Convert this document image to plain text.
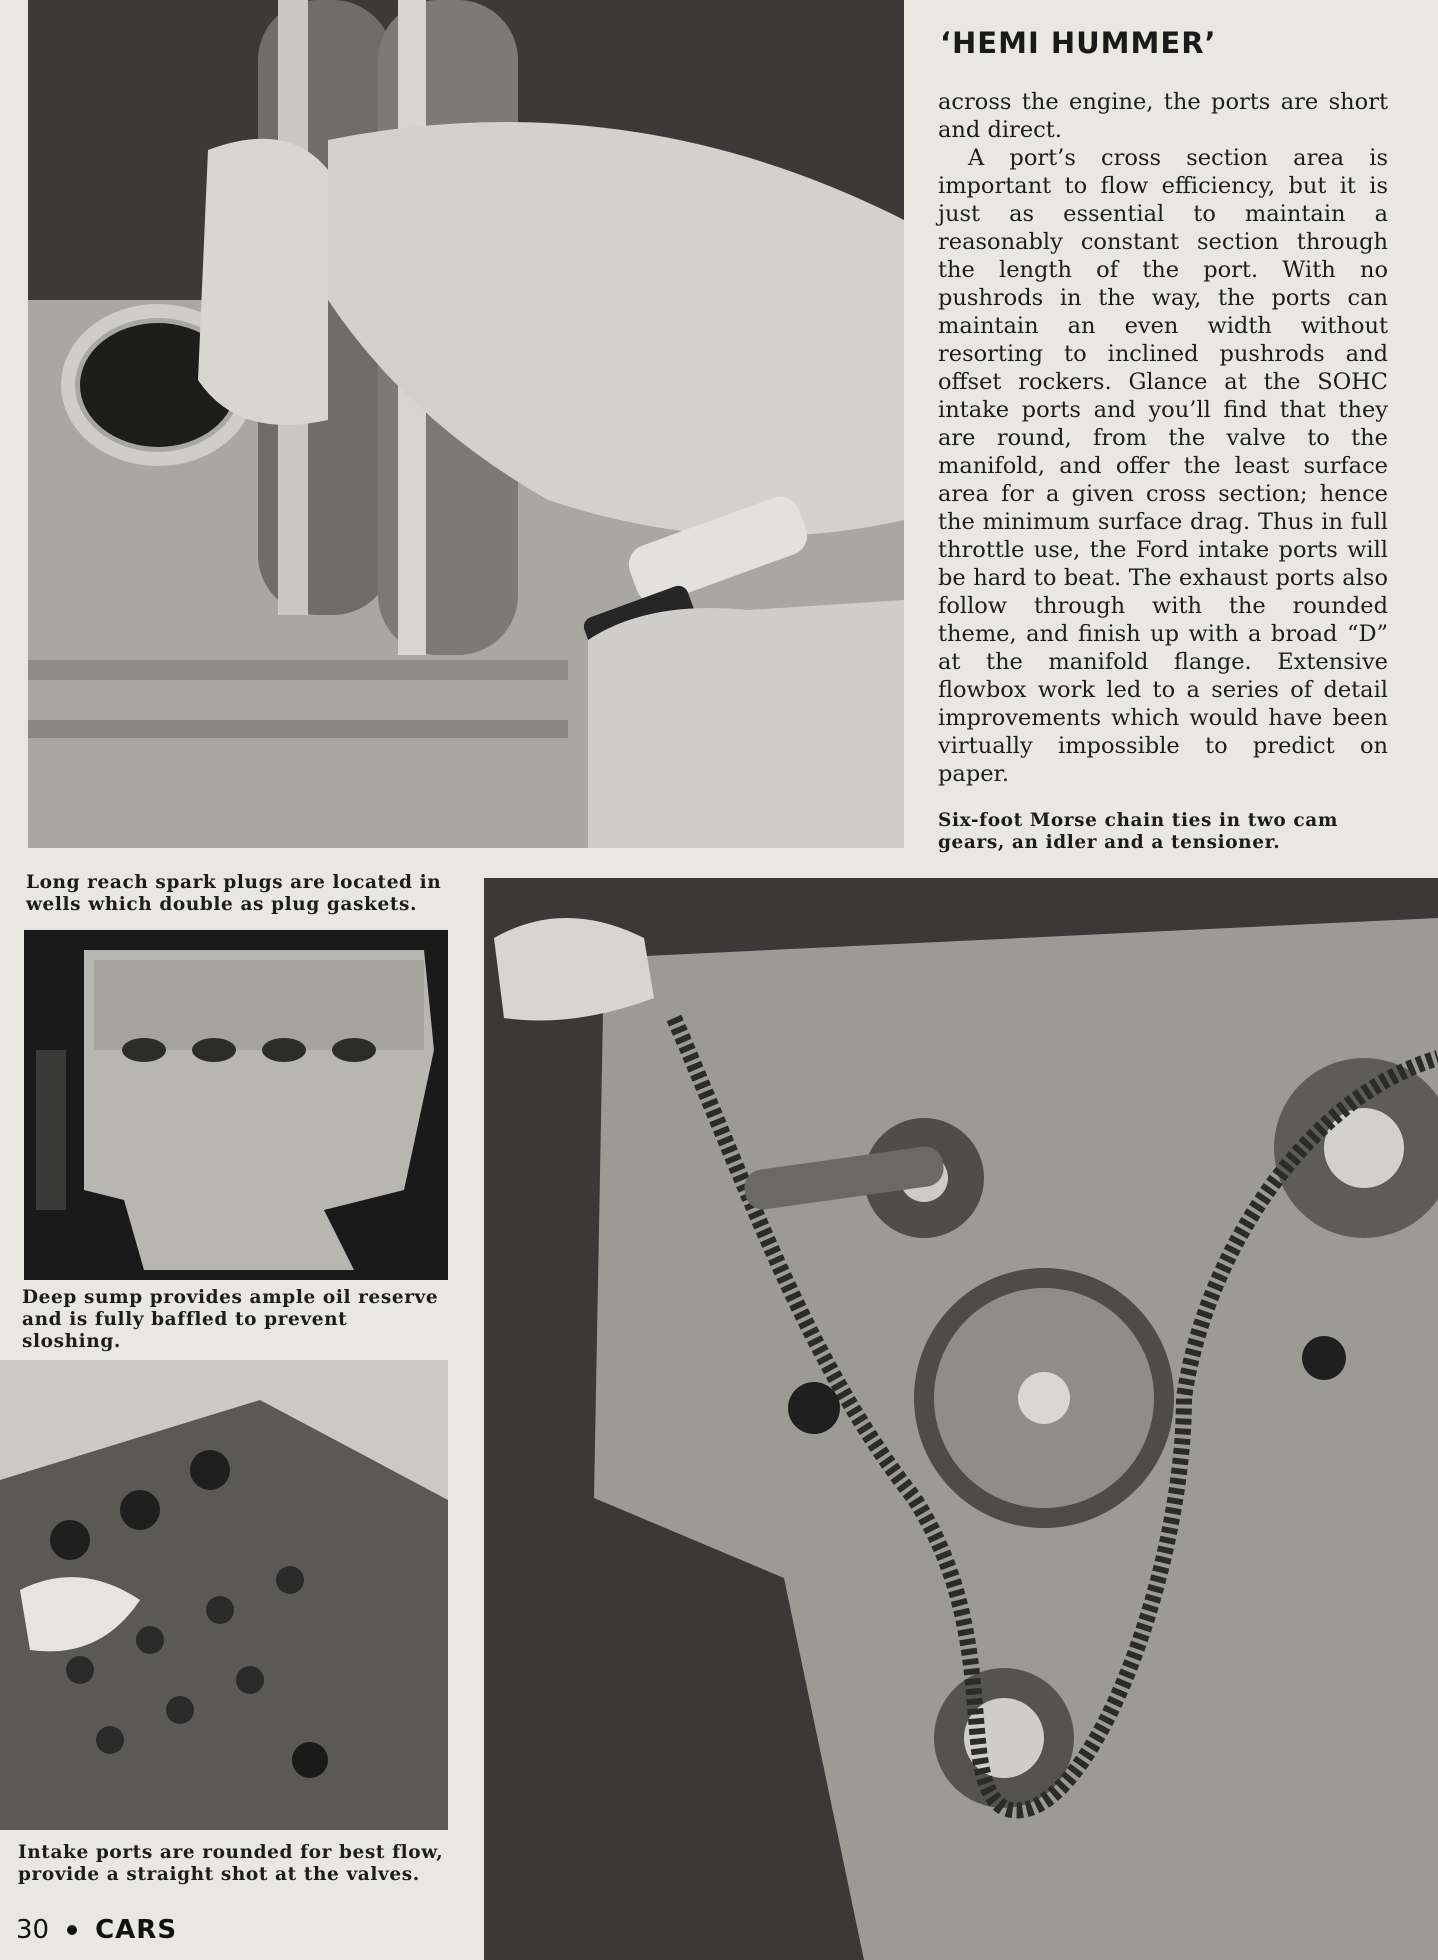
Six-foot Morse chain ties in two cam gears, an idler and a tensioner.
‘HEMI HUMMER’

across the engine, the ports are short and direct.

A port’s cross section area is important to flow efficiency, but it is just as essential to maintain a reasonably constant section through the length of the port. With no pushrods in the way, the ports can maintain an even width without resorting to inclined pushrods and offset rockers. Glance at the SOHC intake ports and you’ll find that they are round, from the valve to the manifold, and offer the least surface area for a given cross section; hence the minimum surface drag. Thus in full throttle use, the Ford intake ports will be hard to beat. The exhaust ports also follow through with the rounded theme, and finish up with a broad “D” at the manifold flange. Extensive flowbox work led to a series of detail improvements which would have been virtually impossible to predict on paper.

Long reach spark plugs are located in wells which double as plug gaskets.
Deep sump provides ample oil reserve and is fully baffled to prevent sloshing.
Intake ports are rounded for best flow, provide a straight shot at the valves.
30 CARS
